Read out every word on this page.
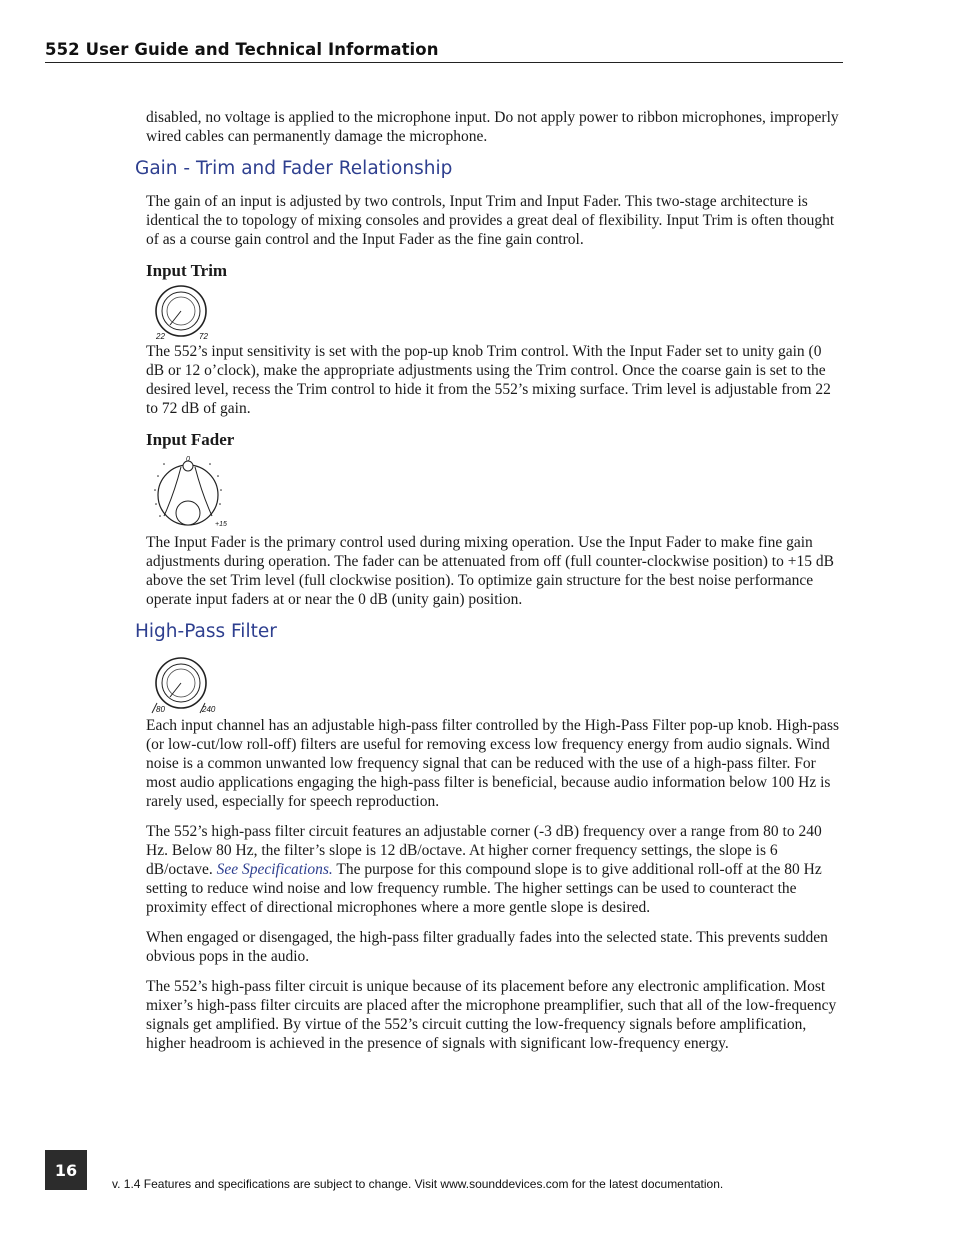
552 User Guide and Technical Information

disabled, no voltage is applied to the microphone input. Do not apply power to ribbon microphones, improperly wired cables can permanently damage the microphone.

Gain - Trim and Fader Relationship

The gain of an input is adjusted by two controls, Input Trim and Input Fader. This two-stage architecture is identical the to topology of mixing consoles and provides a great deal of flexibility. Input Trim is often thought of as a course gain control and the Input Fader as the fine gain control.

Input Trim
22	72

The 552’s input sensitivity is set with the pop-up knob Trim control. With the Input Fader set to unity gain (0 dB or 12 o’clock), make the appropriate adjustments using the Trim control. Once the coarse gain is set to the desired level, recess the Trim control to hide it from the 552’s mixing surface. Trim level is adjustable from 22 to 72 dB of gain.

Input Fader
0
+15

The Input Fader is the primary control used during mixing operation. Use the Input Fader to make fine gain adjustments during operation. The fader can be attenuated from off (full counter-clockwise position) to +15 dB above the set Trim level (full clockwise position). To optimize gain structure for the best noise performance operate input faders at or near the 0 dB (unity gain) position.

High-Pass Filter
80	240

Each input channel has an adjustable high-pass filter controlled by the High-Pass Filter pop-up knob. High-pass (or low-cut/low roll-off) filters are useful for removing excess low frequency energy from audio signals. Wind noise is a common unwanted low frequency signal that can be reduced with the use of a high-pass filter. For most audio applications engaging the high-pass filter is beneficial, because audio information below 100 Hz is rarely used, especially for speech reproduction.

The 552’s high-pass filter circuit features an adjustable corner (-3 dB) frequency over a range from 80 to 240 Hz. Below 80 Hz, the filter’s slope is 12 dB/octave. At higher corner frequency settings, the slope is 6 dB/octave. See Specifications. The purpose for this compound slope is to give additional roll-off at the 80 Hz setting to reduce wind noise and low frequency rumble. The higher settings can be used to counteract the proximity effect of directional microphones where a more gentle slope is desired.

When engaged or disengaged, the high-pass filter gradually fades into the selected state. This prevents sudden obvious pops in the audio.

The 552’s high-pass filter circuit is unique because of its placement before any electronic amplification. Most mixer’s high-pass filter circuits are placed after the microphone preamplifier, such that all of the low-frequency signals get amplified. By virtue of the 552’s circuit cutting the low-frequency signals before amplification, higher headroom is achieved in the presence of signals with significant low-frequency energy.

16
v. 1.4 Features and specifications are subject to change. Visit www.sounddevices.com for the latest documentation.
